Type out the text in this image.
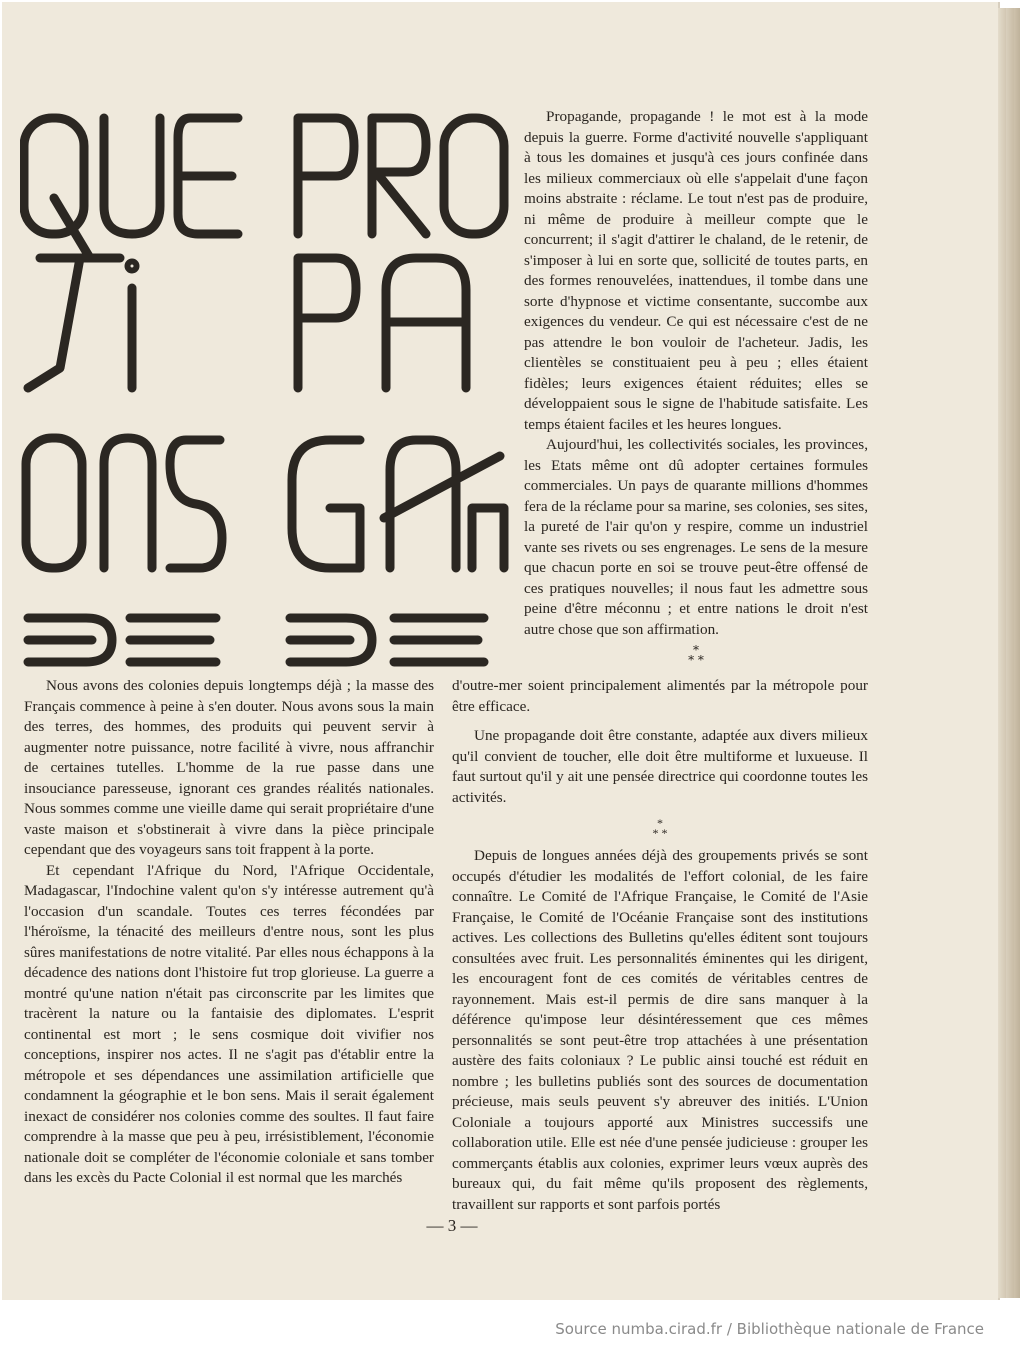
Propagande, propagande ! le mot est à la mode depuis la guerre. Forme d'activité nouvelle s'appliquant à tous les domaines et jusqu'à ces jours confinée dans les milieux commerciaux où elle s'appelait d'une façon moins abstraite : réclame. Le tout n'est pas de produire, ni même de produire à meilleur compte que le concurrent; il s'agit d'attirer le chaland, de le retenir, de s'imposer à lui en sorte que, sollicité de toutes parts, en des formes renouvelées, inattendues, il tombe dans une sorte d'hypnose et victime consentante, succombe aux exigences du vendeur. Ce qui est nécessaire c'est de ne pas attendre le bon vouloir de l'acheteur. Jadis, les clientèles se constituaient peu à peu ; elles étaient fidèles; leurs exigences étaient réduites; elles se développaient sous le signe de l'habitude satisfaite. Les temps étaient faciles et les heures longues.

Aujourd'hui, les collectivités sociales, les provinces, les Etats même ont dû adopter certaines formules commerciales. Un pays de quarante millions d'hommes fera de la réclame pour sa marine, ses colonies, ses sites, la pureté de l'air qu'on y respire, comme un industriel vante ses rivets ou ses engrenages. Le sens de la mesure que chacun porte en soi se trouve peut-être offensé de ces pratiques nouvelles; il nous faut les admettre sous peine d'être méconnu ; et entre nations le droit n'est autre chose que son affirmation.

*
* *

Nous avons des colonies depuis longtemps déjà ; la masse des Français commence à peine à s'en douter. Nous avons sous la main des terres, des hommes, des produits qui peuvent servir à augmenter notre puissance, notre facilité à vivre, nous affranchir de certaines tutelles. L'homme de la rue passe dans une insouciance paresseuse, ignorant ces grandes réalités nationales. Nous sommes comme une vieille dame qui serait propriétaire d'une vaste maison et s'obstinerait à vivre dans la pièce principale cependant que des voyageurs sans toit frappent à la porte.

Et cependant l'Afrique du Nord, l'Afrique Occidentale, Madagascar, l'Indochine valent qu'on s'y intéresse autrement qu'à l'occasion d'un scandale. Toutes ces terres fécondées par l'héroïsme, la ténacité des meilleurs d'entre nous, sont les plus sûres manifestations de notre vitalité. Par elles nous échappons à la décadence des nations dont l'histoire fut trop glorieuse. La guerre a montré qu'une nation n'était pas circonscrite par les limites que tracèrent la nature ou la fantaisie des diplomates. L'esprit continental est mort ; le sens cosmique doit vivifier nos conceptions, inspirer nos actes. Il ne s'agit pas d'établir entre la métropole et ses dépendances une assimilation artificielle que condamnent la géographie et le bon sens. Mais il serait également inexact de considérer nos colonies comme des soultes. Il faut faire comprendre à la masse que peu à peu, irrésistiblement, l'économie nationale doit se compléter de l'économie coloniale et sans tomber dans les excès du Pacte Colonial il est normal que les marchés

d'outre-mer soient principalement alimentés par la métropole pour être efficace.

Une propagande doit être constante, adaptée aux divers milieux qu'il convient de toucher, elle doit être multiforme et luxueuse. Il faut surtout qu'il y ait une pensée directrice qui coordonne toutes les activités.

*
* *

Depuis de longues années déjà des groupements privés se sont occupés d'étudier les modalités de l'effort colonial, de les faire connaître. Le Comité de l'Afrique Française, le Comité de l'Asie Française, le Comité de l'Océanie Française sont des institutions actives. Les collections des Bulletins qu'elles éditent sont toujours consultées avec fruit. Les personnalités éminentes qui les dirigent, les encouragent font de ces comités de véritables centres de rayonnement. Mais est-il permis de dire sans manquer à la déférence qu'impose leur désintéressement que ces mêmes personnalités se sont peut-être trop attachées à une présentation austère des faits coloniaux ? Le public ainsi touché est réduit en nombre ; les bulletins publiés sont des sources de documentation précieuse, mais seuls peuvent s'y abreuver des initiés. L'Union Coloniale a toujours apporté aux Ministres successifs une collaboration utile. Elle est née d'une pensée judicieuse : grouper les commerçants établis aux colonies, exprimer leurs vœux auprès des bureaux qui, du fait même qu'ils proposent des règlements, travaillent sur rapports et sont parfois portés

— 3 —
Source numba.cirad.fr / Bibliothèque nationale de France
